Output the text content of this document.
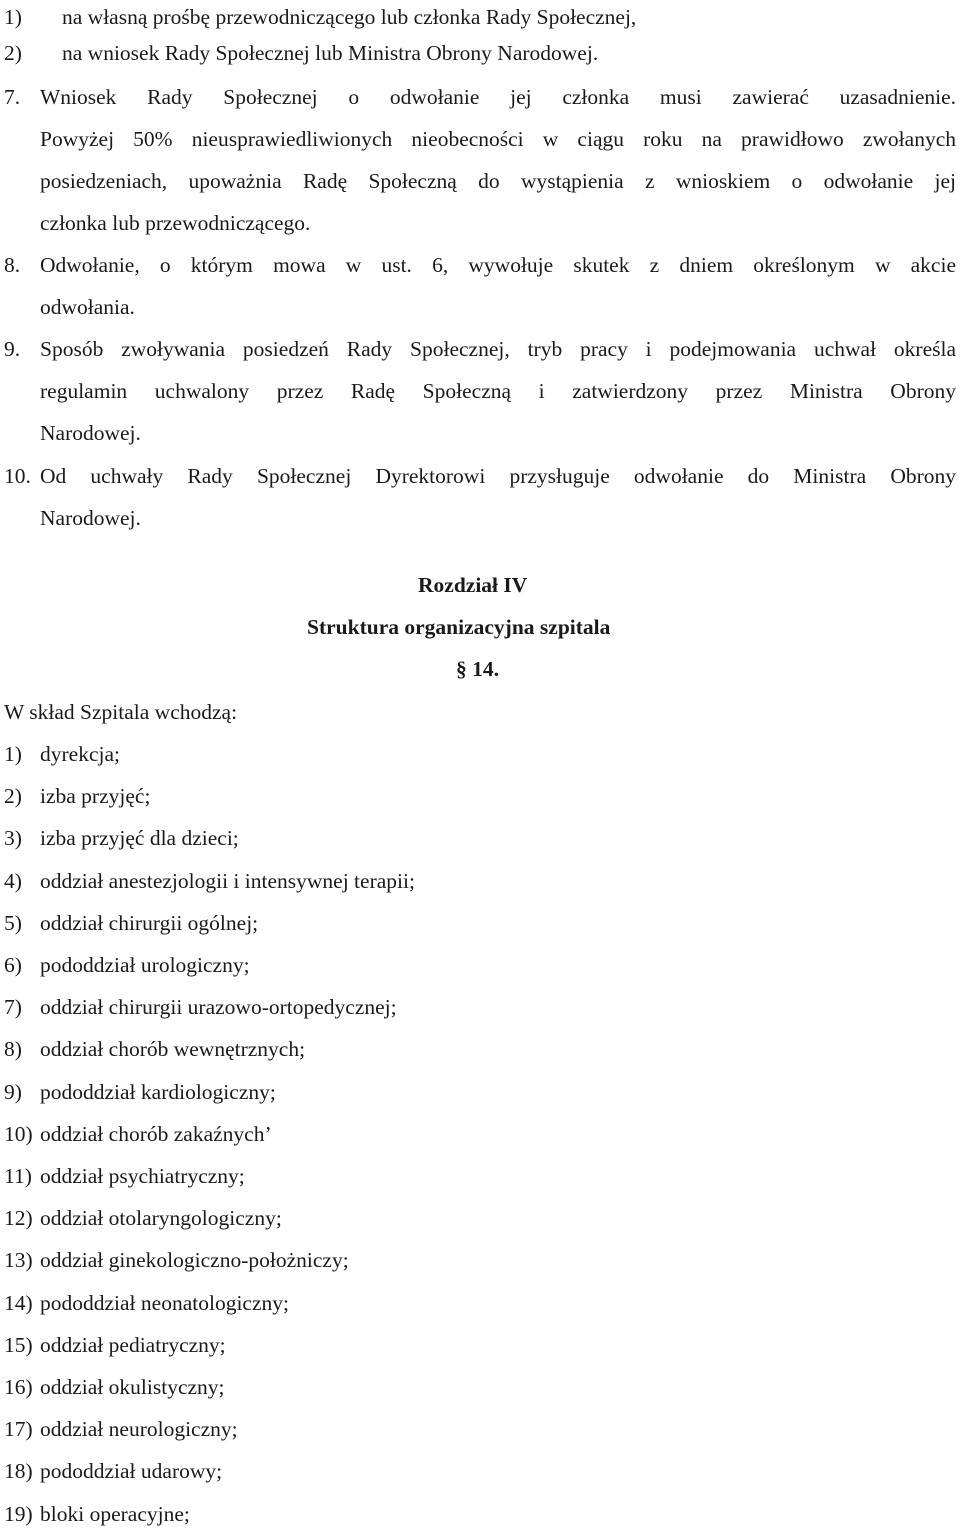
1) na własną prośbę przewodniczącego lub członka Rady Społecznej,
2) na wniosek Rady Społecznej lub Ministra Obrony Narodowej.
7. Wniosek Rady Społecznej o odwołanie jej członka musi zawierać uzasadnienie.
Powyżej 50% nieusprawiedliwionych nieobecności w ciągu roku na prawidłowo zwołanych
posiedzeniach, upoważnia Radę Społeczną do wystąpienia z wnioskiem o odwołanie jej
członka lub przewodniczącego.
8. Odwołanie, o którym mowa w ust. 6, wywołuje skutek z dniem określonym w akcie
odwołania.
9. Sposób zwoływania posiedzeń Rady Społecznej, tryb pracy i podejmowania uchwał określa
regulamin uchwalony przez Radę Społeczną i zatwierdzony przez Ministra Obrony
Narodowej.
10. Od uchwały Rady Społecznej Dyrektorowi przysługuje odwołanie do Ministra Obrony
Narodowej.
Rozdział IV
Struktura organizacyjna szpitala
§ 14.
W skład Szpitala wchodzą:
1) dyrekcja;
2) izba przyjęć;
3) izba przyjęć dla dzieci;
4) oddział anestezjologii i intensywnej terapii;
5) oddział chirurgii ogólnej;
6) pododdział urologiczny;
7) oddział chirurgii urazowo-ortopedycznej;
8) oddział chorób wewnętrznych;
9) pododdział kardiologiczny;
10) oddział chorób zakaźnych’
11) oddział psychiatryczny;
12) oddział otolaryngologiczny;
13) oddział ginekologiczno-położniczy;
14) pododdział neonatologiczny;
15) oddział pediatryczny;
16) oddział okulistyczny;
17) oddział neurologiczny;
18) pododdział udarowy;
19) bloki operacyjne;
